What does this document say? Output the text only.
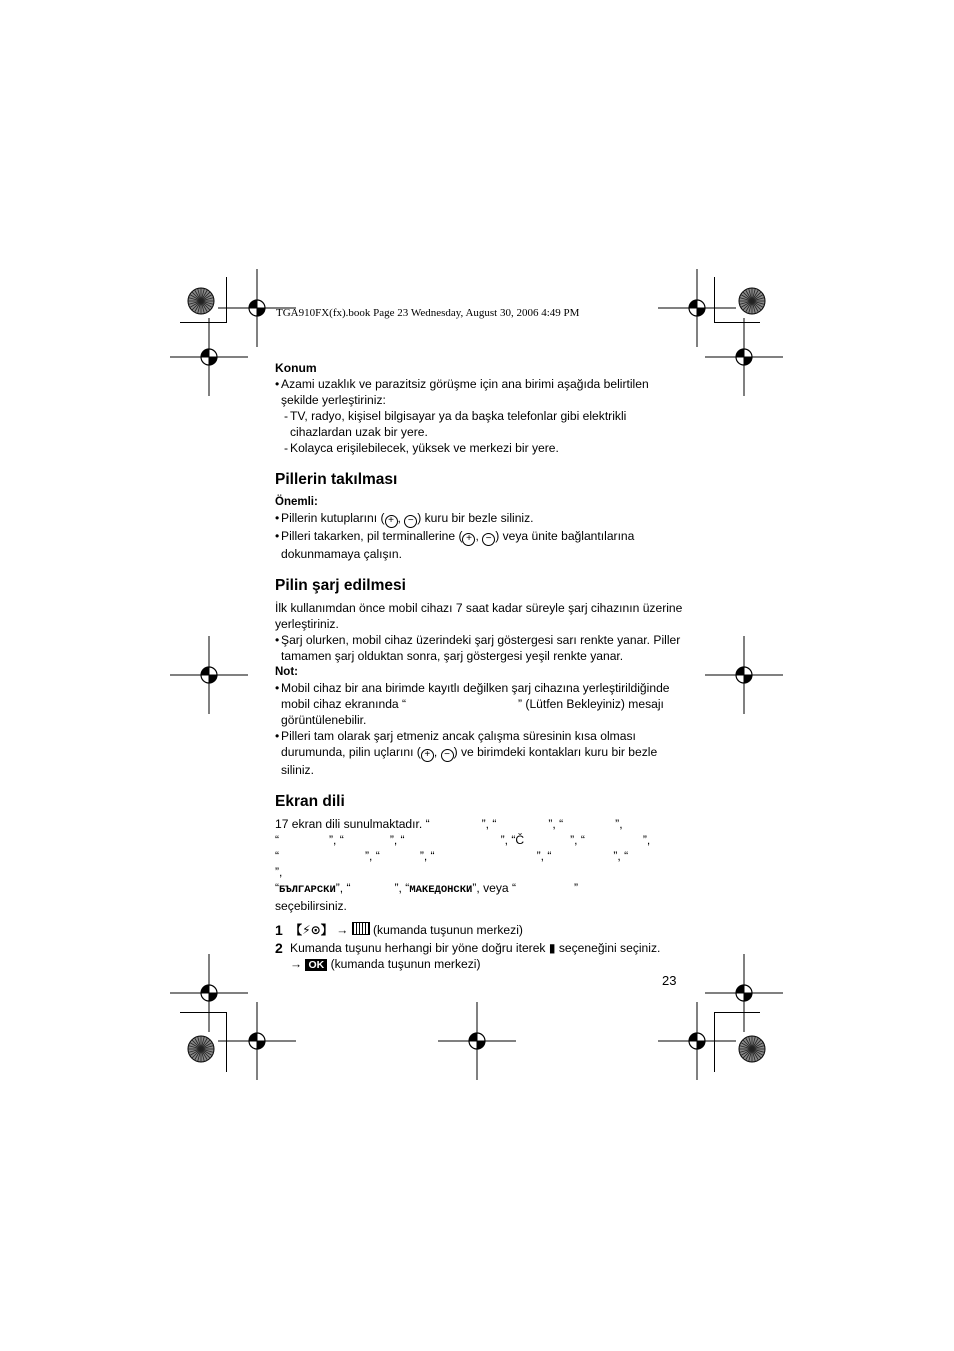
TGA910FX(fx).book Page 23 Wednesday, August 30, 2006 4:49 PM

Konum

• Azami uzaklık ve parazitsiz görüşme için ana birimi aşağıda belirtilen şekilde yerleştiriniz:
- TV, radyo, kişisel bilgisayar ya da başka telefonlar gibi elektrikli cihazlardan uzak bir yere.
- Kolayca erişilebilecek, yüksek ve merkezi bir yere.
Pillerin takılması

Önemli:

• Pillerin kutuplarını ( + , − ) kuru bir bezle siliniz.
• Pilleri takarken, pil terminallerine ( + , − ) veya ünite bağlantılarına dokunmamaya çalışın.
Pilin şarj edilmesi

İlk kullanımdan önce mobil cihazı 7 saat kadar süreyle şarj cihazının üzerine yerleştiriniz.

• Şarj olurken, mobil cihaz üzerindeki şarj göstergesi sarı renkte yanar. Piller tamamen şarj olduktan sonra, şarj göstergesi yeşil renkte yanar.

Not:

• Mobil cihaz bir ana birimde kayıtlı değilken şarj cihazına yerleştirildiğinde mobil cihaz ekranında “	” (Lütfen Bekleyiniz) mesajı görüntülenebilir.
• Pilleri tam olarak şarj etmeniz ancak çalışma süresinin kısa olması durumunda, pilin uçlarını ( + , − ) ve birimdeki kontakları kuru bir bezle siliniz.
Ekran dili
17 ekran dili sunulmaktadır. “	”, “	”, “	”,
“	”, “	”, “	”, “Č	”, “	”,
“	”, “	”, “	”, “	”, “”,
“БЪЛГАРСКИ”, “	”, “МАКЕДОНСКИ”, veya “	”
seçebilirsiniz.
1 【⚡⊙】 →  (kumanda tuşunun merkezi)
2 Kumanda tuşunu herhangi bir yöne doğru iterek ▮ seçeneğini seçiniz.
→ OK (kumanda tuşunun merkezi)
23
